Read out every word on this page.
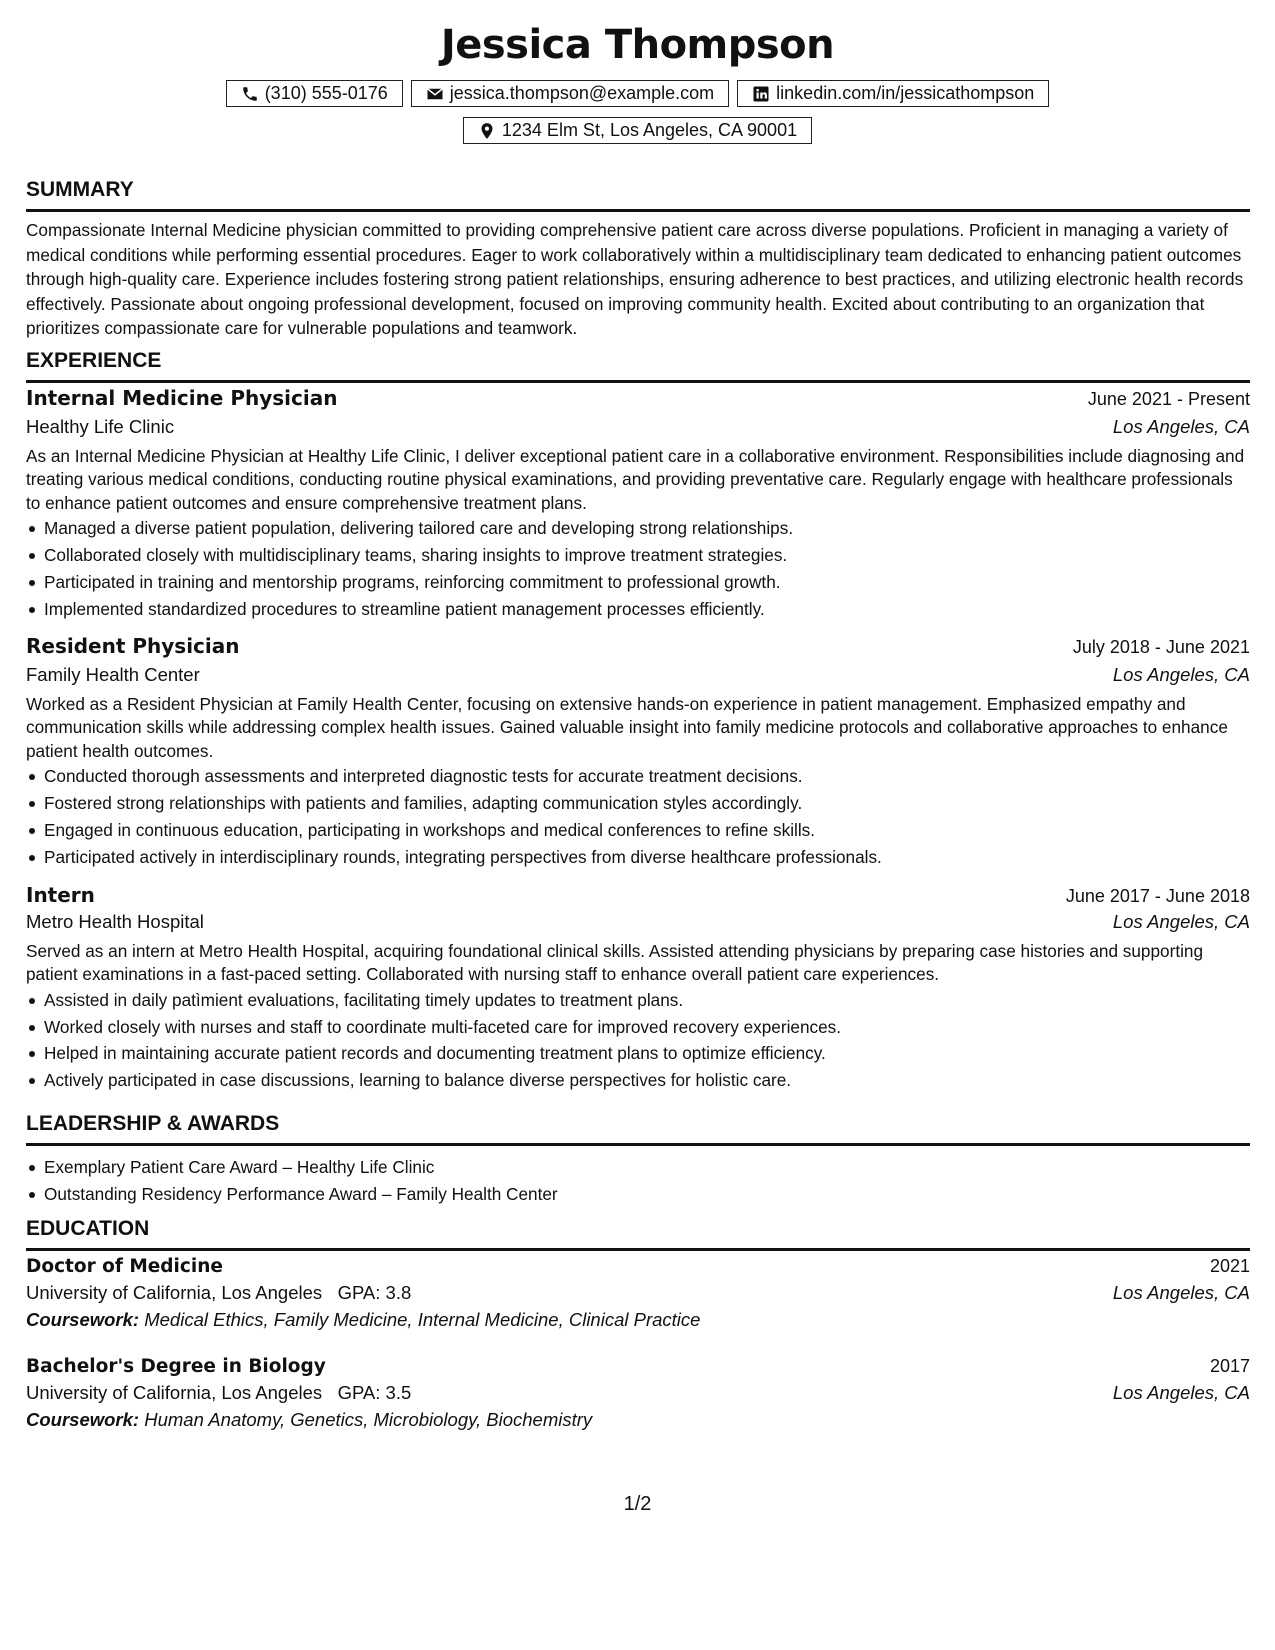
Jessica Thompson
(310) 555-0176	jessica.thompson@example.com	linkedin.com/in/jessicathompson
1234 Elm St, Los Angeles, CA 90001
SUMMARY

Compassionate Internal Medicine physician committed to providing comprehensive patient care across diverse populations. Proficient in managing a variety of medical conditions while performing essential procedures. Eager to work collaboratively within a multidisciplinary team dedicated to enhancing patient outcomes through high-quality care. Experience includes fostering strong patient relationships, ensuring adherence to best practices, and utilizing electronic health records effectively. Passionate about ongoing professional development, focused on improving community health. Excited about contributing to an organization that prioritizes compassionate care for vulnerable populations and teamwork.

EXPERIENCE
Internal Medicine Physician	June 2021 - Present
Healthy Life Clinic	Los Angeles, CA

As an Internal Medicine Physician at Healthy Life Clinic, I deliver exceptional patient care in a collaborative environment. Responsibilities include diagnosing and treating various medical conditions, conducting routine physical examinations, and providing preventative care. Regularly engage with healthcare professionals to enhance patient outcomes and ensure comprehensive treatment plans.

Managed a diverse patient population, delivering tailored care and developing strong relationships.
Collaborated closely with multidisciplinary teams, sharing insights to improve treatment strategies.
Participated in training and mentorship programs, reinforcing commitment to professional growth.
Implemented standardized procedures to streamline patient management processes efficiently.
Resident Physician	July 2018 - June 2021
Family Health Center	Los Angeles, CA

Worked as a Resident Physician at Family Health Center, focusing on extensive hands-on experience in patient management. Emphasized empathy and communication skills while addressing complex health issues. Gained valuable insight into family medicine protocols and collaborative approaches to enhance patient health outcomes.

Conducted thorough assessments and interpreted diagnostic tests for accurate treatment decisions.
Fostered strong relationships with patients and families, adapting communication styles accordingly.
Engaged in continuous education, participating in workshops and medical conferences to refine skills.
Participated actively in interdisciplinary rounds, integrating perspectives from diverse healthcare professionals.
Intern	June 2017 - June 2018
Metro Health Hospital	Los Angeles, CA

Served as an intern at Metro Health Hospital, acquiring foundational clinical skills. Assisted attending physicians by preparing case histories and supporting patient examinations in a fast-paced setting. Collaborated with nursing staff to enhance overall patient care experiences.

Assisted in daily patìmient evaluations, facilitating timely updates to treatment plans.
Worked closely with nurses and staff to coordinate multi-faceted care for improved recovery experiences.
Helped in maintaining accurate patient records and documenting treatment plans to optimize efficiency.
Actively participated in case discussions, learning to balance diverse perspectives for holistic care.
LEADERSHIP & AWARDS
Exemplary Patient Care Award – Healthy Life Clinic
Outstanding Residency Performance Award – Family Health Center
EDUCATION
Doctor of Medicine	2021
University of California, Los Angeles   GPA: 3.8	Los Angeles, CA
Coursework: Medical Ethics, Family Medicine, Internal Medicine, Clinical Practice
Bachelor's Degree in Biology	2017
University of California, Los Angeles   GPA: 3.5	Los Angeles, CA
Coursework: Human Anatomy, Genetics, Microbiology, Biochemistry
1/2
